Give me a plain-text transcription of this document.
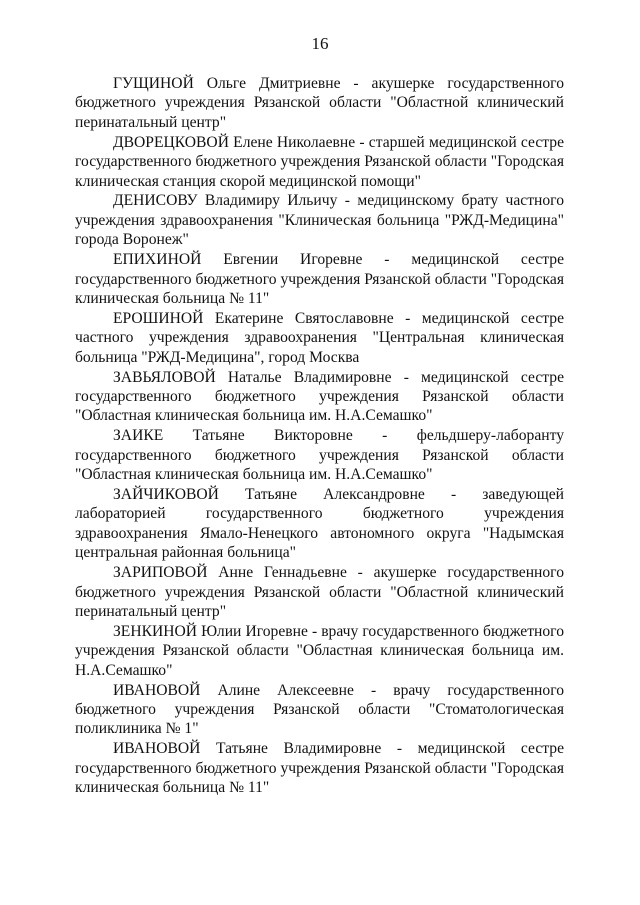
16

ГУЩИНОЙ Ольге Дмитриевне - акушерке государственного бюджетного учреждения Рязанской области "Областной клинический перинатальный центр"

ДВОРЕЦКОВОЙ Елене Николаевне - старшей медицинской сестре государственного бюджетного учреждения Рязанской области "Городская клиническая станция скорой медицинской помощи"

ДЕНИСОВУ Владимиру Ильичу - медицинскому брату частного учреждения здравоохранения "Клиническая больница "РЖД-Медицина" города Воронеж"

ЕПИХИНОЙ Евгении Игоревне - медицинской сестре государственного бюджетного учреждения Рязанской области "Городская клиническая больница № 11"

ЕРОШИНОЙ Екатерине Святославовне - медицинской сестре частного учреждения здравоохранения "Центральная клиническая больница "РЖД-Медицина", город Москва

ЗАВЬЯЛОВОЙ Наталье Владимировне - медицинской сестре государственного бюджетного учреждения Рязанской области "Областная клиническая больница им. Н.А.Семашко"

ЗАИКЕ Татьяне Викторовне - фельдшеру-лаборанту государственного бюджетного учреждения Рязанской области "Областная клиническая больница им. Н.А.Семашко"

ЗАЙЧИКОВОЙ Татьяне Александровне - заведующей лабораторией государственного бюджетного учреждения здравоохранения Ямало-Ненецкого автономного округа "Надымская центральная районная больница"

ЗАРИПОВОЙ Анне Геннадьевне - акушерке государственного бюджетного учреждения Рязанской области "Областной клинический перинатальный центр"

ЗЕНКИНОЙ Юлии Игоревне - врачу государственного бюджетного учреждения Рязанской области "Областная клиническая больница им. Н.А.Семашко"

ИВАНОВОЙ Алине Алексеевне - врачу государственного бюджетного учреждения Рязанской области "Стоматологическая поликлиника № 1"

ИВАНОВОЙ Татьяне Владимировне - медицинской сестре государственного бюджетного учреждения Рязанской области "Городская клиническая больница № 11"
